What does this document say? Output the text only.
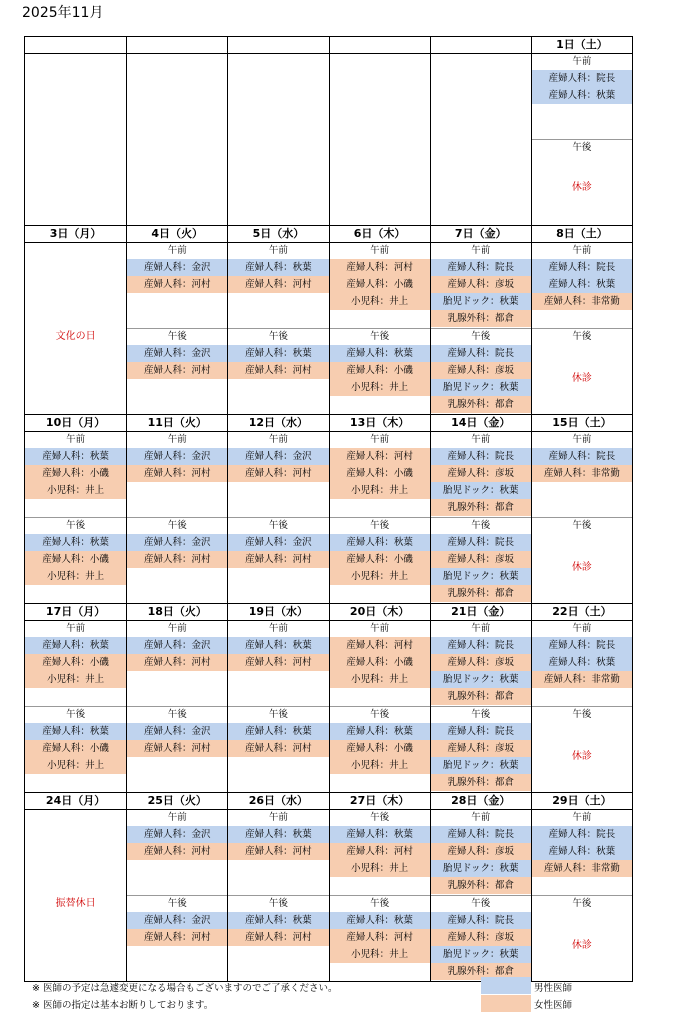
2025年11月
1日（土）
午前
産婦人科：院長
産婦人科：秋葉
午後
休診
3日（月）
文化の日
4日（火）
午前
産婦人科：金沢
産婦人科：河村
午後
産婦人科：金沢
産婦人科：河村
5日（水）
午前
産婦人科：秋葉
産婦人科：河村
午後
産婦人科：秋葉
産婦人科：河村
6日（木）
午前
産婦人科：河村
産婦人科：小磯
小児科：井上
午後
産婦人科：秋葉
産婦人科：小磯
小児科：井上
7日（金）
午前
産婦人科：院長
産婦人科：彦坂
胎児ドック：秋葉
乳腺外科：都倉
午後
産婦人科：院長
産婦人科：彦坂
胎児ドック：秋葉
乳腺外科：都倉
8日（土）
午前
産婦人科：院長
産婦人科：秋葉
産婦人科：非常勤
午後
休診
10日（月）
午前
産婦人科：秋葉
産婦人科：小磯
小児科：井上
午後
産婦人科：秋葉
産婦人科：小磯
小児科：井上
11日（火）
午前
産婦人科：金沢
産婦人科：河村
午後
産婦人科：金沢
産婦人科：河村
12日（水）
午前
産婦人科：金沢
産婦人科：河村
午後
産婦人科：金沢
産婦人科：河村
13日（木）
午前
産婦人科：河村
産婦人科：小磯
小児科：井上
午後
産婦人科：秋葉
産婦人科：小磯
小児科：井上
14日（金）
午前
産婦人科：院長
産婦人科：彦坂
胎児ドック：秋葉
乳腺外科：都倉
午後
産婦人科：院長
産婦人科：彦坂
胎児ドック：秋葉
乳腺外科：都倉
15日（土）
午前
産婦人科：院長
産婦人科：非常勤
午後
休診
17日（月）
午前
産婦人科：秋葉
産婦人科：小磯
小児科：井上
午後
産婦人科：秋葉
産婦人科：小磯
小児科：井上
18日（火）
午前
産婦人科：金沢
産婦人科：河村
午後
産婦人科：金沢
産婦人科：河村
19日（水）
午前
産婦人科：秋葉
産婦人科：河村
午後
産婦人科：秋葉
産婦人科：河村
20日（木）
午前
産婦人科：河村
産婦人科：小磯
小児科：井上
午後
産婦人科：秋葉
産婦人科：小磯
小児科：井上
21日（金）
午前
産婦人科：院長
産婦人科：彦坂
胎児ドック：秋葉
乳腺外科：都倉
午後
産婦人科：院長
産婦人科：彦坂
胎児ドック：秋葉
乳腺外科：都倉
22日（土）
午前
産婦人科：院長
産婦人科：秋葉
産婦人科：非常勤
午後
休診
24日（月）
振替休日
25日（火）
午前
産婦人科：金沢
産婦人科：河村
午後
産婦人科：金沢
産婦人科：河村
26日（水）
午前
産婦人科：秋葉
産婦人科：河村
午後
産婦人科：秋葉
産婦人科：河村
27日（木）
午後
産婦人科：秋葉
産婦人科：河村
小児科：井上
午後
産婦人科：秋葉
産婦人科：河村
小児科：井上
28日（金）
午前
産婦人科：院長
産婦人科：彦坂
胎児ドック：秋葉
乳腺外科：都倉
午後
産婦人科：院長
産婦人科：彦坂
胎児ドック：秋葉
乳腺外科：都倉
29日（土）
午前
産婦人科：院長
産婦人科：秋葉
産婦人科：非常勤
午後
休診
※ 医師の予定は急遽変更になる場合もございますのでご了承ください。
※ 医師の指定は基本お断りしております。
男性医師
女性医師
